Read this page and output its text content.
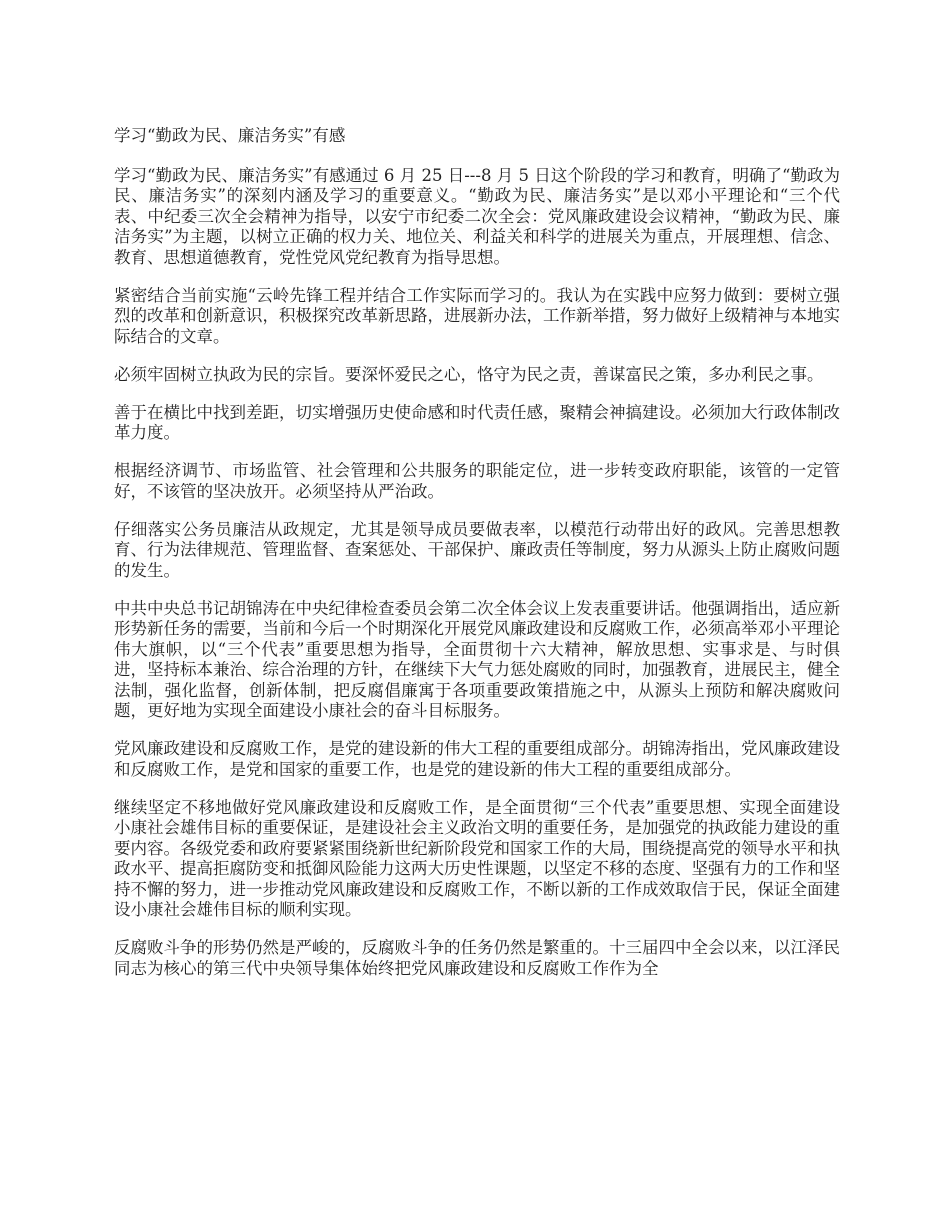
学习“勤政为民、廉洁务实”有感

学习“勤政为民、廉洁务实”有感通过 6 月 25 日---8 月 5 日这个阶段的学习和教育，明确了“勤政为民、廉洁务实”的深刻内涵及学习的重要意义。“勤政为民、廉洁务实”是以邓小平理论和“三个代表、中纪委三次全会精神为指导，以安宁市纪委二次全会：党风廉政建设会议精神，“勤政为民、廉洁务实”为主题，以树立正确的权力关、地位关、利益关和科学的进展关为重点，开展理想、信念、教育、思想道德教育，党性党风党纪教育为指导思想。

紧密结合当前实施“云岭先锋工程并结合工作实际而学习的。我认为在实践中应努力做到：要树立强烈的改革和创新意识，积极探究改革新思路，进展新办法，工作新举措，努力做好上级精神与本地实际结合的文章。

必须牢固树立执政为民的宗旨。要深怀爱民之心，恪守为民之责，善谋富民之策，多办利民之事。

善于在横比中找到差距，切实增强历史使命感和时代责任感，聚精会神搞建设。必须加大行政体制改革力度。

根据经济调节、市场监管、社会管理和公共服务的职能定位，进一步转变政府职能，该管的一定管好，不该管的坚决放开。必须坚持从严治政。

仔细落实公务员廉洁从政规定，尤其是领导成员要做表率，以模范行动带出好的政风。完善思想教育、行为法律规范、管理监督、查案惩处、干部保护、廉政责任等制度，努力从源头上防止腐败问题的发生。

中共中央总书记胡锦涛在中央纪律检查委员会第二次全体会议上发表重要讲话。他强调指出，适应新形势新任务的需要，当前和今后一个时期深化开展党风廉政建设和反腐败工作，必须高举邓小平理论伟大旗帜，以“三个代表”重要思想为指导，全面贯彻十六大精神，解放思想、实事求是、与时俱进，坚持标本兼治、综合治理的方针，在继续下大气力惩处腐败的同时，加强教育，进展民主，健全法制，强化监督，创新体制，把反腐倡廉寓于各项重要政策措施之中，从源头上预防和解决腐败问题，更好地为实现全面建设小康社会的奋斗目标服务。

党风廉政建设和反腐败工作，是党的建设新的伟大工程的重要组成部分。胡锦涛指出，党风廉政建设和反腐败工作，是党和国家的重要工作，也是党的建设新的伟大工程的重要组成部分。

继续坚定不移地做好党风廉政建设和反腐败工作，是全面贯彻“三个代表”重要思想、实现全面建设小康社会雄伟目标的重要保证，是建设社会主义政治文明的重要任务，是加强党的执政能力建设的重要内容。各级党委和政府要紧紧围绕新世纪新阶段党和国家工作的大局，围绕提高党的领导水平和执政水平、提高拒腐防变和抵御风险能力这两大历史性课题，以坚定不移的态度、坚强有力的工作和坚持不懈的努力，进一步推动党风廉政建设和反腐败工作，不断以新的工作成效取信于民，保证全面建设小康社会雄伟目标的顺利实现。

反腐败斗争的形势仍然是严峻的，反腐败斗争的任务仍然是繁重的。十三届四中全会以来，以江泽民同志为核心的第三代中央领导集体始终把党风廉政建设和反腐败工作作为全
